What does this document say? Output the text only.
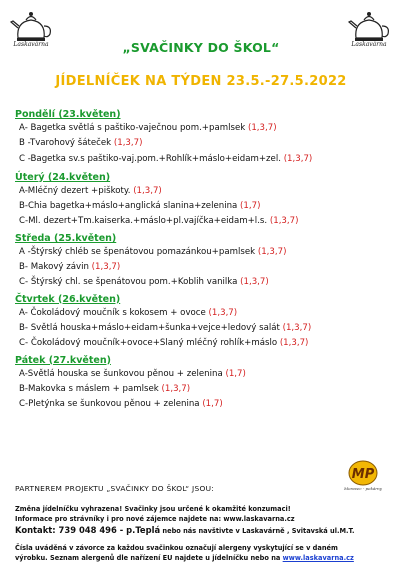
Laskavárna	Laskavárna
„SVAČINKY DO ŠKOL“
JÍDELNÍČEK NA TÝDEN 23.5.-27.5.2022
Pondělí (23.květen)
A- Bagetka světlá s paštiko-vaječnou pom.+pamlsek (1,3,7)
B -Tvarohový šáteček (1,3,7)
C -Bagetka sv.s paštiko-vaj.pom.+Rohlík+máslo+eidam+zel. (1,3,7)
Úterý (24.květen)
A-Mléčný dezert +piškoty. (1,3,7)
B-Chia bagetka+máslo+anglická slanina+zelenina (1,7)
C-Ml. dezert+Tm.kaiserka.+máslo+pl.vajíčka+eidam+l.s. (1,3,7)
Středa (25.květen)
A -Štýrský chléb se špenátovou pomazánkou+pamlsek (1,3,7)
B- Makový závin (1,3,7)
C- Štýrský chl. se špenátovou pom.+Koblih vanilka (1,3,7)
Čtvrtek (26.květen)
A- Čokoládový moučník s kokosem + ovoce (1,3,7)
B- Světlá houska+máslo+eidam+šunka+vejce+ledový salát (1,3,7)
C- Čokoládový moučník+ovoce+Slaný mléčný rohlík+máslo (1,3,7)
Pátek (27.květen)
A-Světlá houska se šunkovou pěnou + zelenina (1,7)
B-Makovka s máslem + pamlsek (1,3,7)
C-Pletýnka se šunkovou pěnou + zelenina (1,7)
PARTNEREM PROJEKTU „SVAČINKY DO ŠKOL“ JSOU:
MP
Moravec - pekárny
Změna jídelníčku vyhrazena! Svačinky jsou určené k okamžité konzumaci!
Informace pro strávníky i pro nové zájemce najdete na: www.laskavarna.cz
Kontakt: 739 048 496 - p.Teplá nebo nás navštivte v Laskavárně , Svitavská ul.M.T.
Čísla uváděná v závorce za každou svačinkou označují alergeny vyskytující se v daném
výrobku. Seznam alergenů dle nařízení EU najdete u jídelníčku nebo na www.laskavarna.cz
